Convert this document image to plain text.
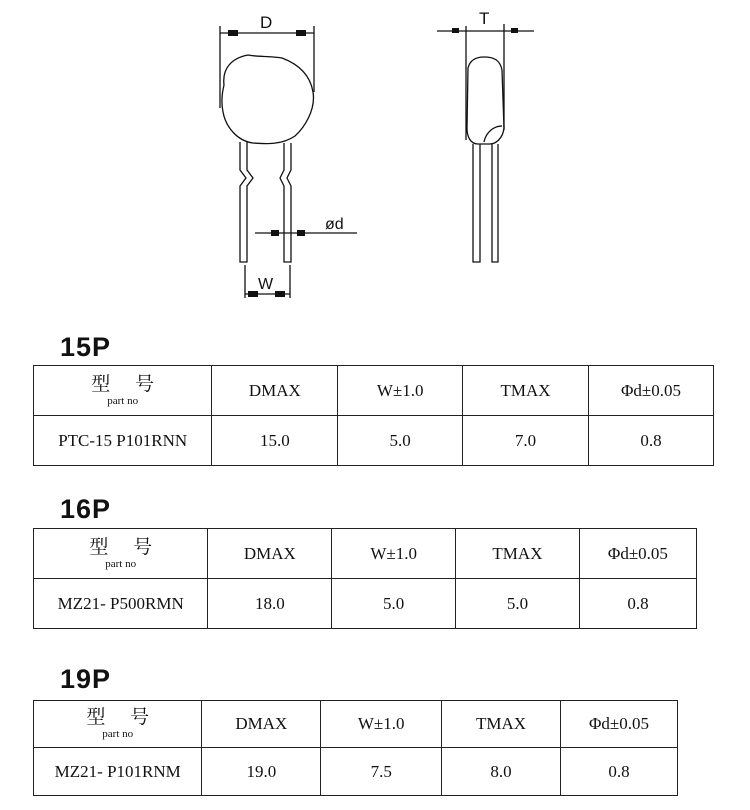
D	T
ød
W
15P
型 号
part no	DMAX	W±1.0	TMAX	Φd±0.05
PTC-15 P101RNN	15.0	5.0	7.0	0.8
16P
型 号
part no	DMAX	W±1.0	TMAX	Φd±0.05
MZ21- P500RMN	18.0	5.0	5.0	0.8
19P
型 号
part no	DMAX	W±1.0	TMAX	Φd±0.05
MZ21- P101RNM	19.0	7.5	8.0	0.8
